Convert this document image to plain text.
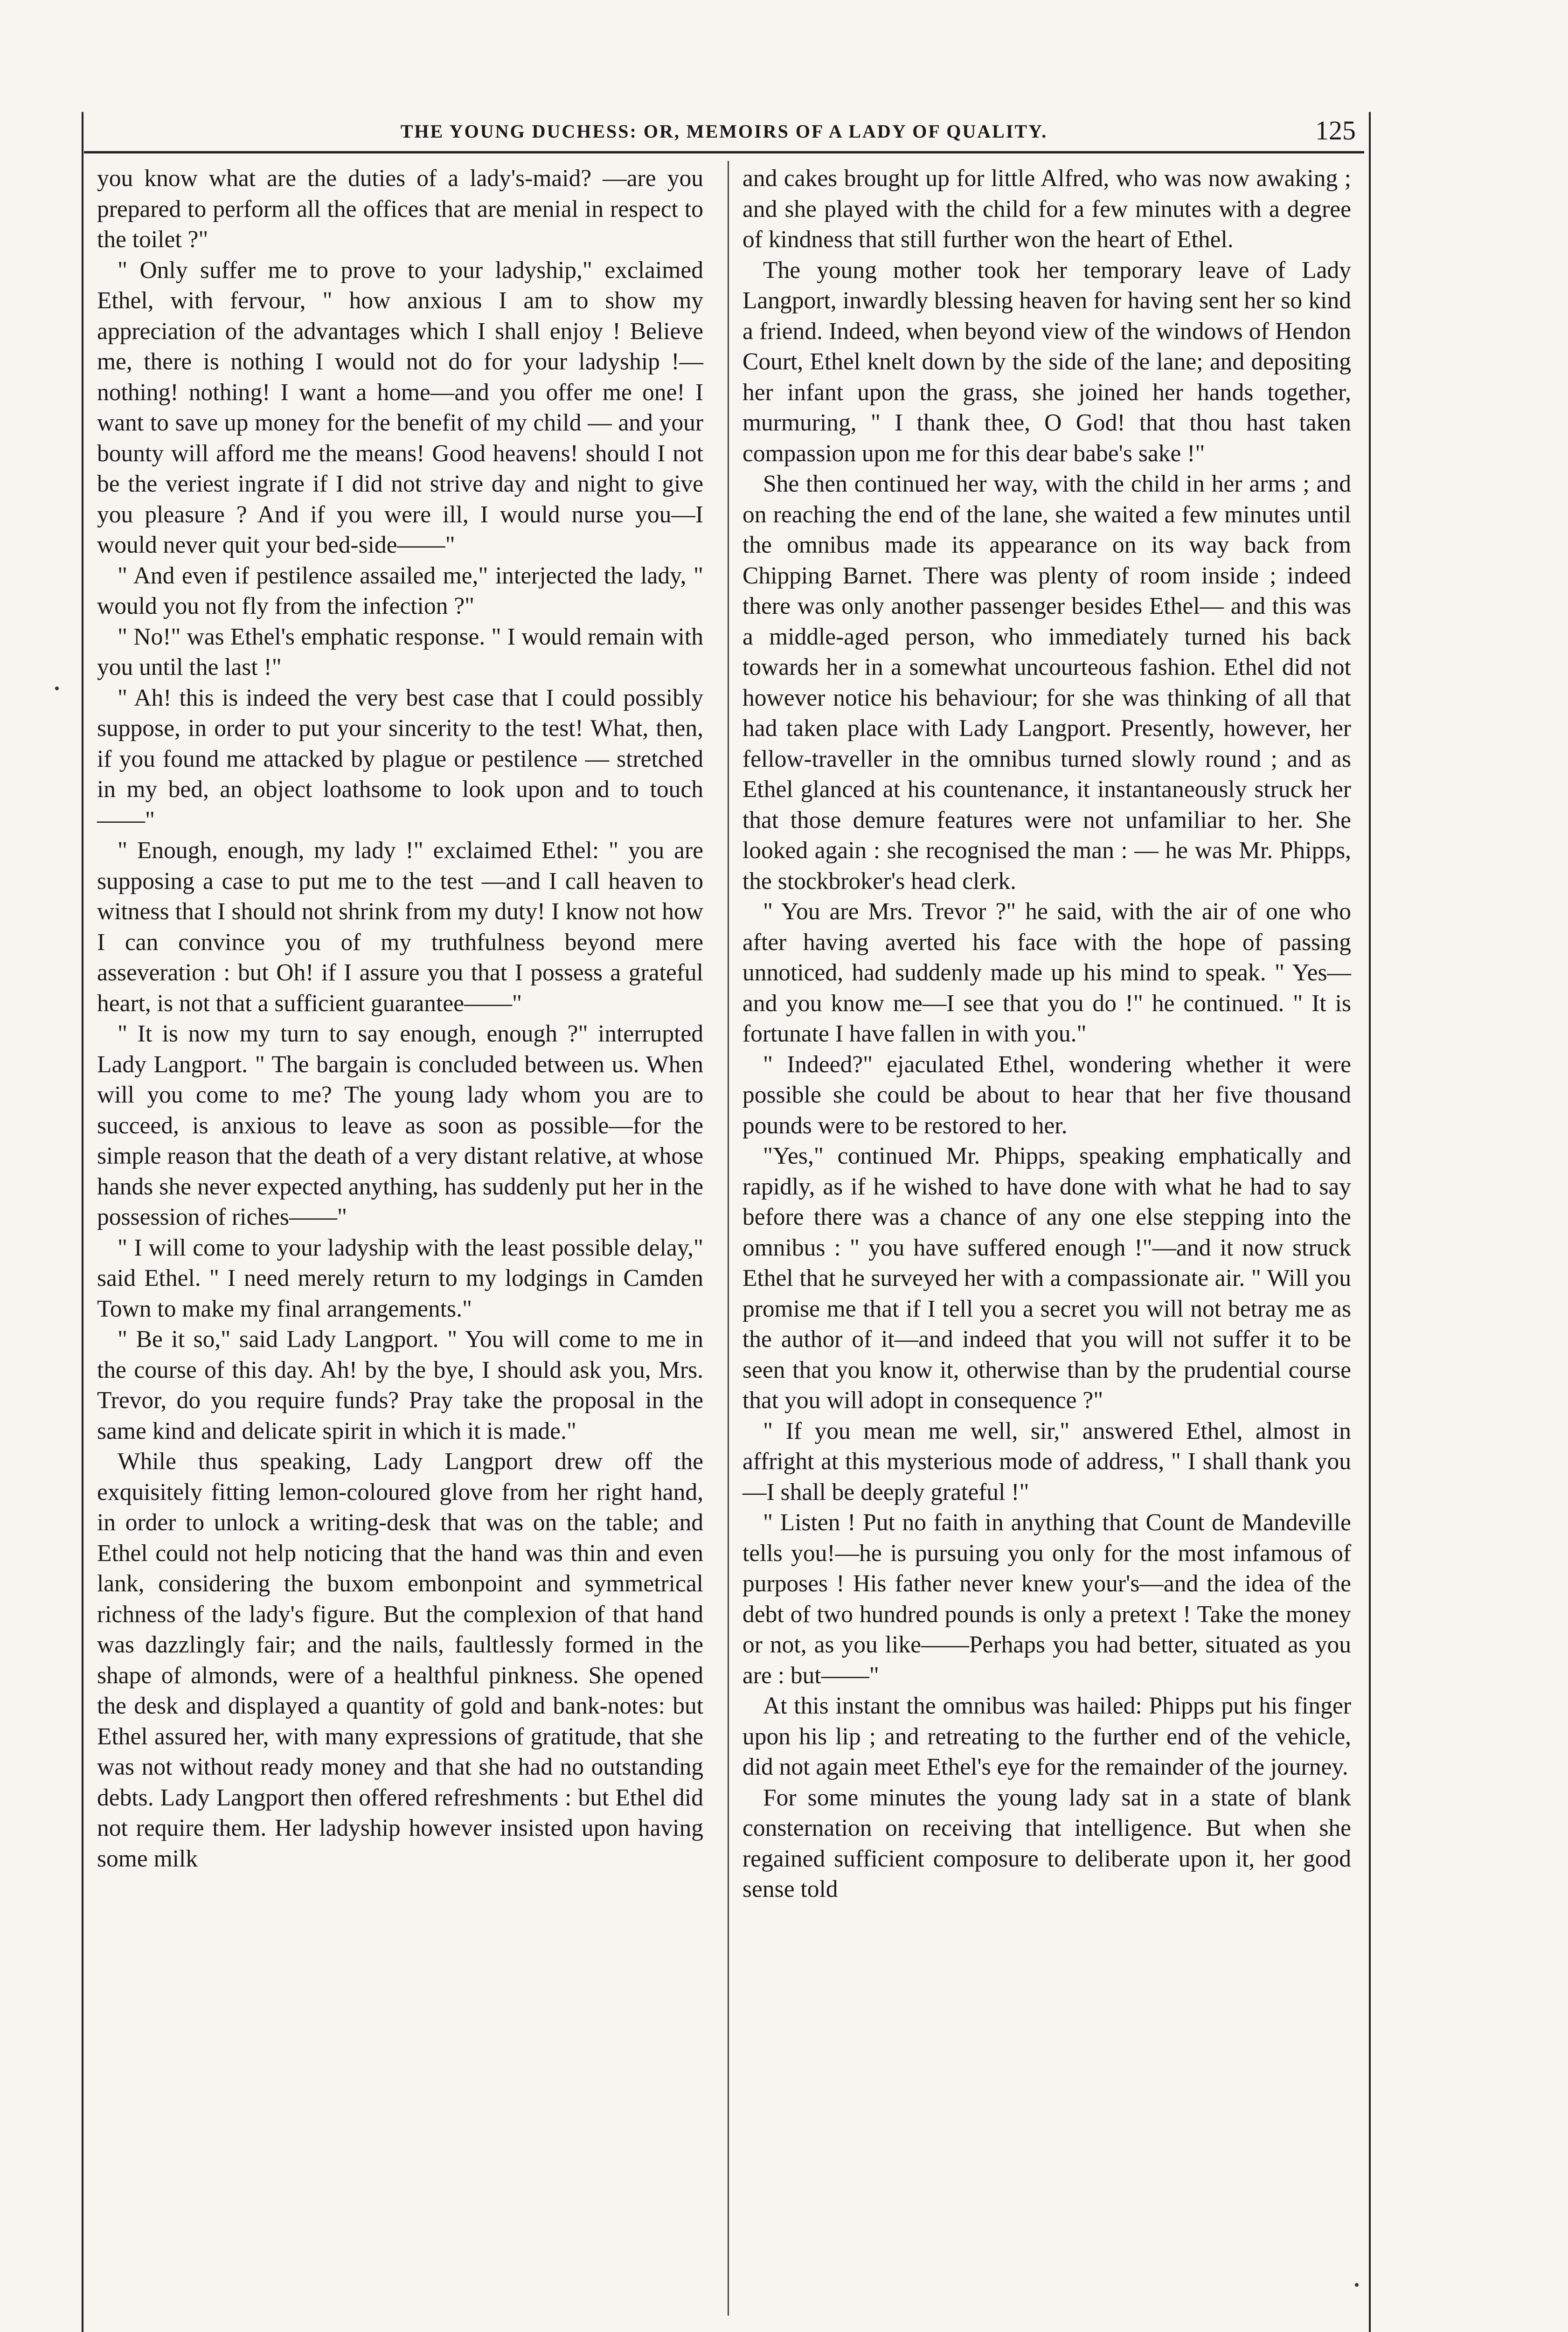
THE YOUNG DUCHESS: OR, MEMOIRS OF A LADY OF QUALITY.	125

you know what are the duties of a lady's-maid? —are you prepared to perform all the offices that are menial in respect to the toilet ?"

" Only suffer me to prove to your ladyship," exclaimed Ethel, with fervour, " how anxious I am to show my appreciation of the advantages which I shall enjoy ! Believe me, there is nothing I would not do for your ladyship !— nothing! nothing! I want a home—and you offer me one! I want to save up money for the benefit of my child — and your bounty will afford me the means! Good heavens! should I not be the veriest ingrate if I did not strive day and night to give you pleasure ? And if you were ill, I would nurse you—I would never quit your bed-side——"

" And even if pestilence assailed me," interjected the lady, " would you not fly from the infection ?"

" No!" was Ethel's emphatic response. " I would remain with you until the last !"

" Ah! this is indeed the very best case that I could possibly suppose, in order to put your sincerity to the test! What, then, if you found me attacked by plague or pestilence — stretched in my bed, an object loathsome to look upon and to touch——"

" Enough, enough, my lady !" exclaimed Ethel: " you are supposing a case to put me to the test —and I call heaven to witness that I should not shrink from my duty! I know not how I can convince you of my truthfulness beyond mere asseveration : but Oh! if I assure you that I possess a grateful heart, is not that a sufficient guarantee——"

" It is now my turn to say enough, enough ?" interrupted Lady Langport. " The bargain is concluded between us. When will you come to me? The young lady whom you are to succeed, is anxious to leave as soon as possible—for the simple reason that the death of a very distant relative, at whose hands she never expected anything, has suddenly put her in the possession of riches——"

" I will come to your ladyship with the least possible delay," said Ethel. " I need merely return to my lodgings in Camden Town to make my final arrangements."

" Be it so," said Lady Langport. " You will come to me in the course of this day. Ah! by the bye, I should ask you, Mrs. Trevor, do you require funds? Pray take the proposal in the same kind and delicate spirit in which it is made."

While thus speaking, Lady Langport drew off the exquisitely fitting lemon-coloured glove from her right hand, in order to unlock a writing-desk that was on the table; and Ethel could not help noticing that the hand was thin and even lank, considering the buxom embonpoint and symmetrical richness of the lady's figure. But the complexion of that hand was dazzlingly fair; and the nails, faultlessly formed in the shape of almonds, were of a healthful pinkness. She opened the desk and displayed a quantity of gold and bank-notes: but Ethel assured her, with many expressions of gratitude, that she was not without ready money and that she had no outstanding debts. Lady Langport then offered refreshments : but Ethel did not require them. Her ladyship however insisted upon having some milk

and cakes brought up for little Alfred, who was now awaking ; and she played with the child for a few minutes with a degree of kindness that still further won the heart of Ethel.

The young mother took her temporary leave of Lady Langport, inwardly blessing heaven for having sent her so kind a friend. Indeed, when beyond view of the windows of Hendon Court, Ethel knelt down by the side of the lane; and depositing her infant upon the grass, she joined her hands together, murmuring, " I thank thee, O God! that thou hast taken compassion upon me for this dear babe's sake !"

She then continued her way, with the child in her arms ; and on reaching the end of the lane, she waited a few minutes until the omnibus made its appearance on its way back from Chipping Barnet. There was plenty of room inside ; indeed there was only another passenger besides Ethel— and this was a middle-aged person, who immediately turned his back towards her in a somewhat uncourteous fashion. Ethel did not however notice his behaviour; for she was thinking of all that had taken place with Lady Langport. Presently, however, her fellow-traveller in the omnibus turned slowly round ; and as Ethel glanced at his countenance, it instantaneously struck her that those demure features were not unfamiliar to her. She looked again : she recognised the man : — he was Mr. Phipps, the stockbroker's head clerk.

" You are Mrs. Trevor ?" he said, with the air of one who after having averted his face with the hope of passing unnoticed, had suddenly made up his mind to speak. " Yes—and you know me—I see that you do !" he continued. " It is fortunate I have fallen in with you."

" Indeed?" ejaculated Ethel, wondering whether it were possible she could be about to hear that her five thousand pounds were to be restored to her.

"Yes," continued Mr. Phipps, speaking emphatically and rapidly, as if he wished to have done with what he had to say before there was a chance of any one else stepping into the omnibus : " you have suffered enough !"—and it now struck Ethel that he surveyed her with a compassionate air. " Will you promise me that if I tell you a secret you will not betray me as the author of it—and indeed that you will not suffer it to be seen that you know it, otherwise than by the prudential course that you will adopt in consequence ?"

" If you mean me well, sir," answered Ethel, almost in affright at this mysterious mode of address, " I shall thank you—I shall be deeply grateful !"

" Listen ! Put no faith in anything that Count de Mandeville tells you!—he is pursuing you only for the most infamous of purposes ! His father never knew your's—and the idea of the debt of two hundred pounds is only a pretext ! Take the money or not, as you like——Perhaps you had better, situated as you are : but——"

At this instant the omnibus was hailed: Phipps put his finger upon his lip ; and retreating to the further end of the vehicle, did not again meet Ethel's eye for the remainder of the journey.

For some minutes the young lady sat in a state of blank consternation on receiving that intelligence. But when she regained sufficient composure to deliberate upon it, her good sense told
